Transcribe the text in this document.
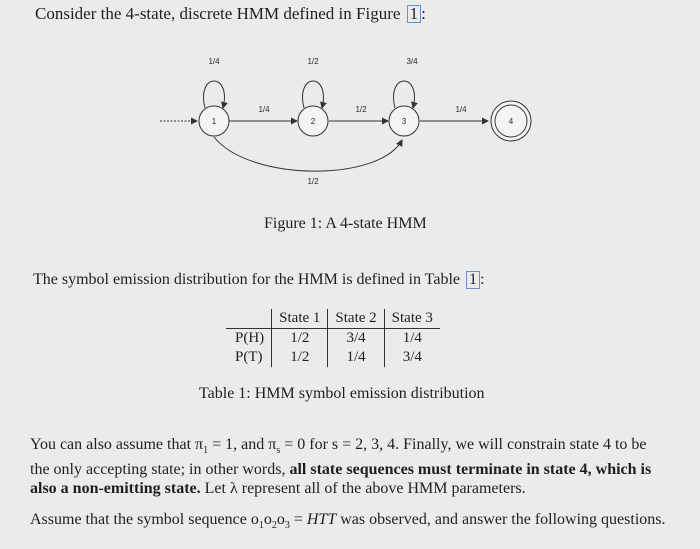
Consider the 4-state, discrete HMM defined in Figure 1 :
1	2	3	4
1/4	1/2	3/4
1/4	1/2	1/4
1/2
Figure 1: A 4-state HMM
The symbol emission distribution for the HMM is defined in Table 1 :
	State 1	State 2	State 3
P(H)	1/2	3/4	1/4
P(T)	1/2	1/4	3/4
Table 1: HMM symbol emission distribution
You can also assume that $\pi_1 = 1$, and $\pi_s = 0$ for s = 2, 3, 4. Finally, we will constrain state 4 to be the only accepting state; in other words, all state sequences must terminate in state 4, which is also a non-emitting state. Let λ represent all of the above HMM parameters.
Assume that the symbol sequence $o_1o_2o_3$ = HTT was observed, and answer the following questions.
